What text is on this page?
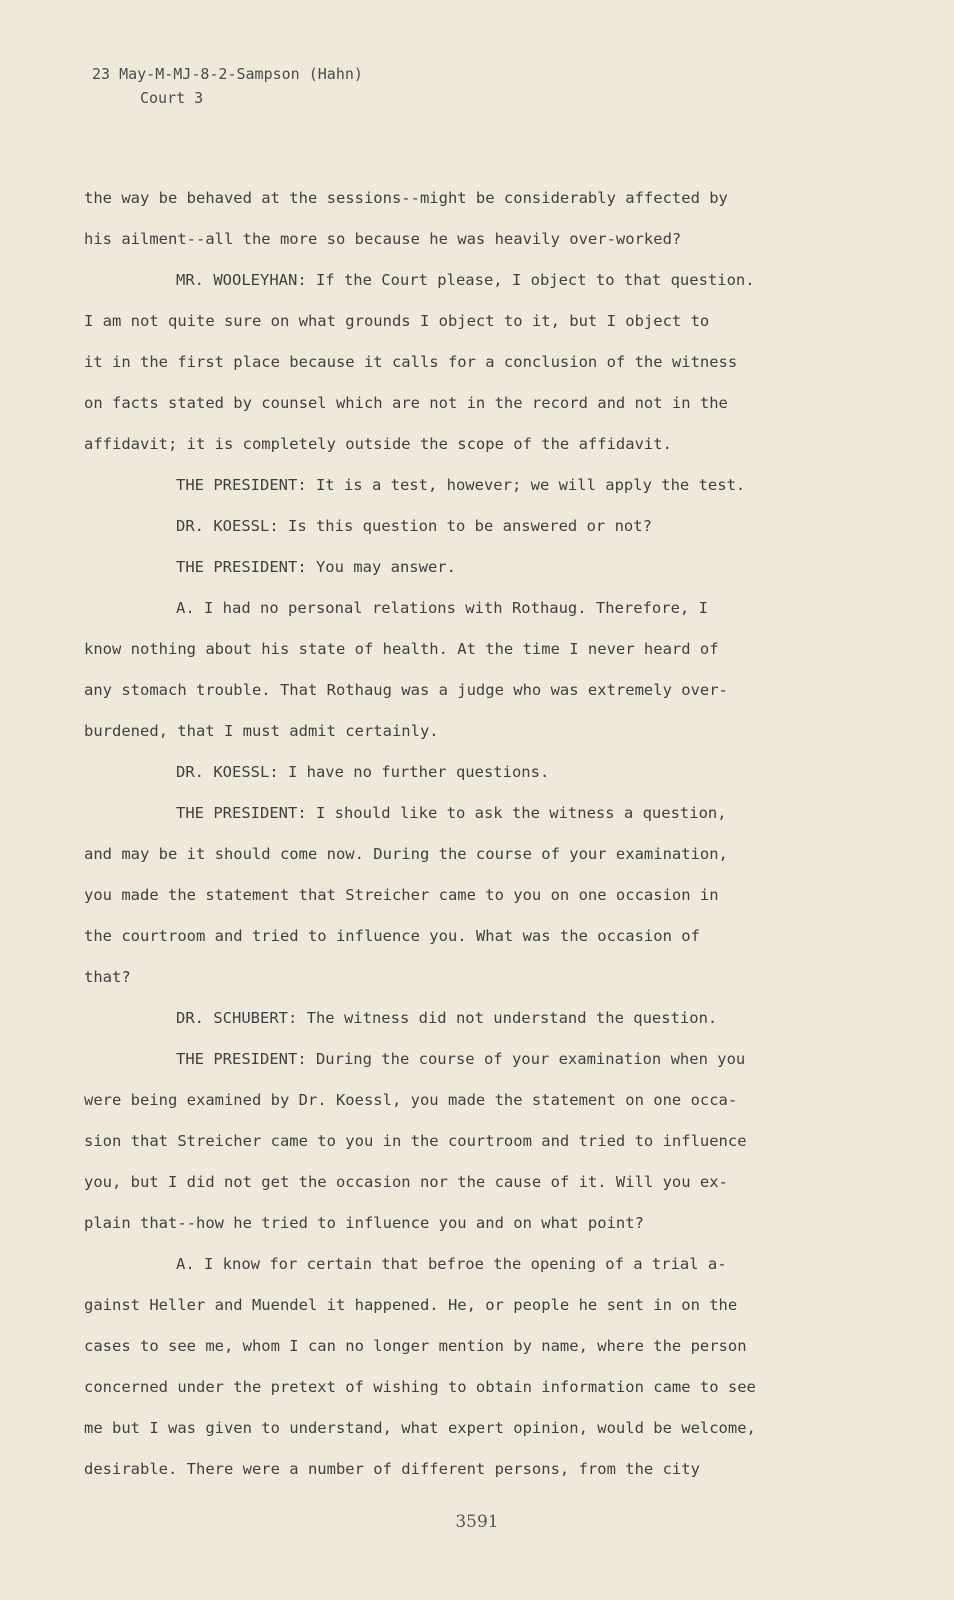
23 May-M-MJ-8-2-Sampson (Hahn)
Court 3
the way be behaved at the sessions--might be considerably affected by
his ailment--all the more so because he was heavily over-worked?
MR. WOOLEYHAN: If the Court please, I object to that question.
I am not quite sure on what grounds I object to it, but I object to
it in the first place because it calls for a conclusion of the witness
on facts stated by counsel which are not in the record and not in the
affidavit; it is completely outside the scope of the affidavit.
THE PRESIDENT: It is a test, however; we will apply the test.
DR. KOESSL: Is this question to be answered or not?
THE PRESIDENT: You may answer.
A. I had no personal relations with Rothaug. Therefore, I
know nothing about his state of health. At the time I never heard of
any stomach trouble. That Rothaug was a judge who was extremely over-
burdened, that I must admit certainly.
DR. KOESSL: I have no further questions.
THE PRESIDENT: I should like to ask the witness a question,
and may be it should come now. During the course of your examination,
you made the statement that Streicher came to you on one occasion in
the courtroom and tried to influence you. What was the occasion of
that?
DR. SCHUBERT: The witness did not understand the question.
THE PRESIDENT: During the course of your examination when you
were being examined by Dr. Koessl, you made the statement on one occa-
sion that Streicher came to you in the courtroom and tried to influence
you, but I did not get the occasion nor the cause of it. Will you ex-
plain that--how he tried to influence you and on what point?
A. I know for certain that befroe the opening of a trial a-
gainst Heller and Muendel it happened. He, or people he sent in on the
cases to see me, whom I can no longer mention by name, where the person
concerned under the pretext of wishing to obtain information came to see
me but I was given to understand, what expert opinion, would be welcome,
desirable. There were a number of different persons, from the city
3591
